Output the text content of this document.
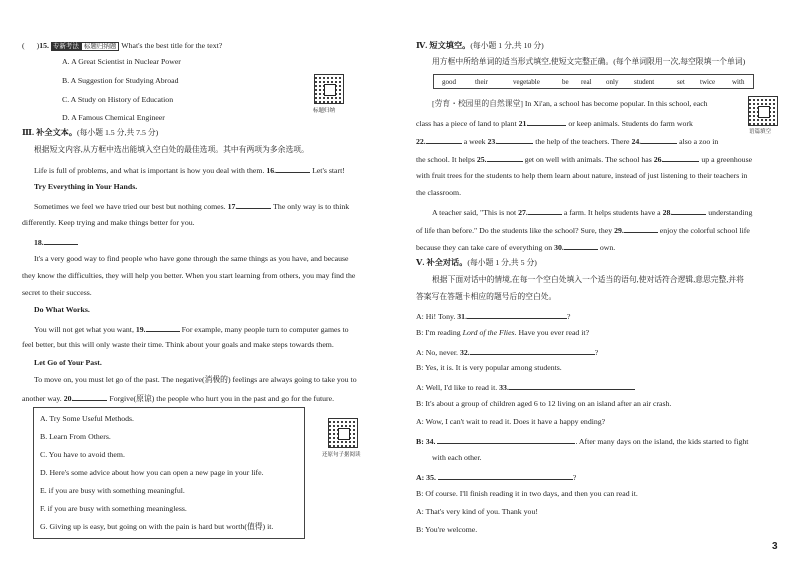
( )15. 专新考法 标题归纳题 What's the best title for the text?
A. A Great Scientist in Nuclear Power
B. A Suggestion for Studying Abroad
C. A Study on History of Education
D. A Famous Chemical Engineer
标题归纳
Ⅲ. 补全文本。(每小题 1.5 分,共 7.5 分)
根据短文内容,从方框中选出能填入空白处的最佳选项。其中有两项为多余选项。
Life is full of problems, and what is important is how you deal with them. 16.	Let's start!
Try Everything in Your Hands.
Sometimes we feel we have tried our best but nothing comes. 17.	The only way is to think
differently. Keep trying and make things better for you.
18.
It's a very good way to find people who have gone through the same things as you have, and because
they know the difficulties, they will help you better. When you start learning from others, you may find the
secret to their success.
Do What Works.
You will not get what you want, 19.	For example, many people turn to computer games to
feel better, but this will only waste their time. Think about your goals and make steps towards them.
Let Go of Your Past.
To move on, you must let go of the past. The negative(消极的) feelings are always going to take you to
another way. 20.	Forgive(原谅) the people who hurt you in the past and go for the future.
A. Try Some Useful Methods.
B. Learn From Others.
C. You have to avoid them.
D. Here's some advice about how you can open a new page in your life.
E. if you are busy with something meaningful.
F. if you are busy with something meaningless.
G. Giving up is easy, but going on with the pain is hard but worth(值得) it.
还原句子据阅读
Ⅳ. 短文填空。(每小题 1 分,共 10 分)
用方框中所给单词的适当形式填空,使短文完整正确。(每个单词限用一次,每空限填一个单词)
good	their	vegetable	be real only student	set twice with
[劳育・校园里的自然课堂] In Xi'an, a school has become popular. In this school, each
语篇填空
class has a piece of land to plant 21.	or keep animals. Students do farm work
22.	a week 23.	the help of the teachers. There 24.	also a zoo in
the school. It helps 25.	get on well with animals. The school has 26.	up a greenhouse
with fruit trees for the students to help them learn about nature, instead of just listening to their teachers in
the classroom.
A teacher said, "This is not 27.	a farm. It helps students have a 28.	understanding
of life than before." Do the students like the school? Sure, they 29.	enjoy the colorful school life
because they can take care of everything on 30.	own.
Ⅴ. 补全对话。(每小题 1 分,共 5 分)
根据下面对话中的情境,在每一个空白处填入一个适当的语句,使对话符合逻辑,意思完整,并将
答案写在答题卡相应的题号后的空白处。
A: Hi! Tony. 31.	?
B: I'm reading Lord of the Flies. Have you ever read it?
A: No, never. 32.	?
B: Yes, it is. It is very popular among students.
A: Well, I'd like to read it. 33.
B: It's about a group of children aged 6 to 12 living on an island after an air crash.
A: Wow, I can't wait to read it. Does it have a happy ending?
B: 34.	. After many days on the island, the kids started to fight
with each other.
A: 35.	?
B: Of course. I'll finish reading it in two days, and then you can read it.
A: That's very kind of you. Thank you!
B: You're welcome.
3
